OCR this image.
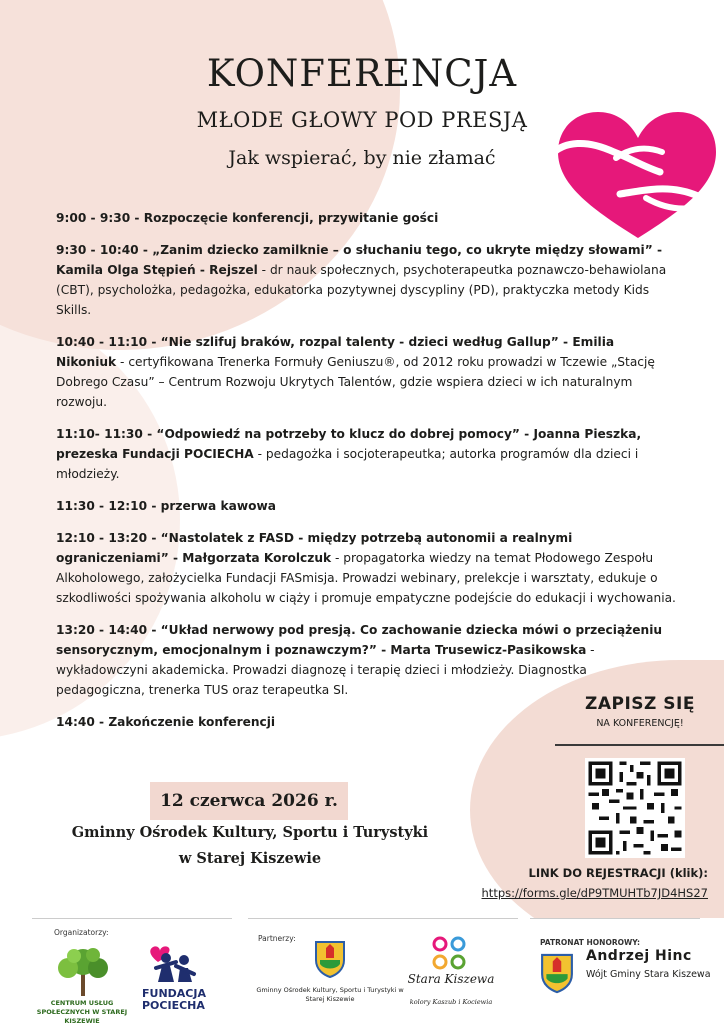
KONFERENCJA
MŁODE GŁOWY POD PRESJĄ
Jak wspierać, by nie złamać

9:00 - 9:30 - Rozpoczęcie konferencji, przywitanie gości

9:30 - 10:40 - „Zanim dziecko zamilknie – o słuchaniu tego, co ukryte między słowami” - Kamila Olga Stępień - Rejszel - dr nauk społecznych, psychoterapeutka poznawczo-behawiolana (CBT), psycholożka, pedagożka, edukatorka pozytywnej dyscypliny (PD), praktyczka metody Kids Skills.

10:40 - 11:10 - “Nie szlifuj braków, rozpal talenty - dzieci według Gallup” - Emilia Nikoniuk - certyfikowana Trenerka Formuły Geniuszu®, od 2012 roku prowadzi w Tczewie „Stację Dobrego Czasu” – Centrum Rozwoju Ukrytych Talentów, gdzie wspiera dzieci w ich naturalnym rozwoju.

11:10- 11:30 - “Odpowiedź na potrzeby to klucz do dobrej pomocy” - Joanna Pieszka, prezeska Fundacji POCIECHA - pedagożka i socjoterapeutka; autorka programów dla dzieci i młodzieży.

11:30 - 12:10 - przerwa kawowa

12:10 - 13:20 - “Nastolatek z FASD - między potrzebą autonomii a realnymi ograniczeniami” - Małgorzata Korolczuk - propagatorka wiedzy na temat Płodowego Zespołu Alkoholowego, założycielka Fundacji FASmisja. Prowadzi webinary, prelekcje i warsztaty, edukuje o szkodliwości spożywania alkoholu w ciąży i promuje empatyczne podejście do edukacji i wychowania.

13:20 - 14:40 - “Układ nerwowy pod presją. Co zachowanie dziecka mówi o przeciążeniu sensorycznym, emocjonalnym i poznawczym?” - Marta Trusewicz-Pasikowska - wykładowczyni akademicka. Prowadzi diagnozę i terapię dzieci i młodzieży. Diagnostka pedagogiczna, trenerka TUS oraz terapeutka SI.

14:40 - Zakończenie konferencji

12 czerwca 2026 r.
Gminny Ośrodek Kultury, Sportu i Turystyki
w Starej Kiszewie
ZAPISZ SIĘ
NA KONFERENCJĘ!
LINK DO REJESTRACJI (klik):
https://forms.gle/dP9TMUHTb7JD4HS27
Organizatorzy:
Partnerzy:	PATRONAT HONOROWY:
CENTRUM USŁUG SPOŁECZNYCH W STAREJ KISZEWIE
FUNDACJA POCIECHA
Gminny Ośrodek Kultury, Sportu i Turystyki w Starej Kiszewie
Stara Kiszewa
kolory Kaszub i Kociewia
Andrzej Hinc
Wójt Gminy Stara Kiszewa
